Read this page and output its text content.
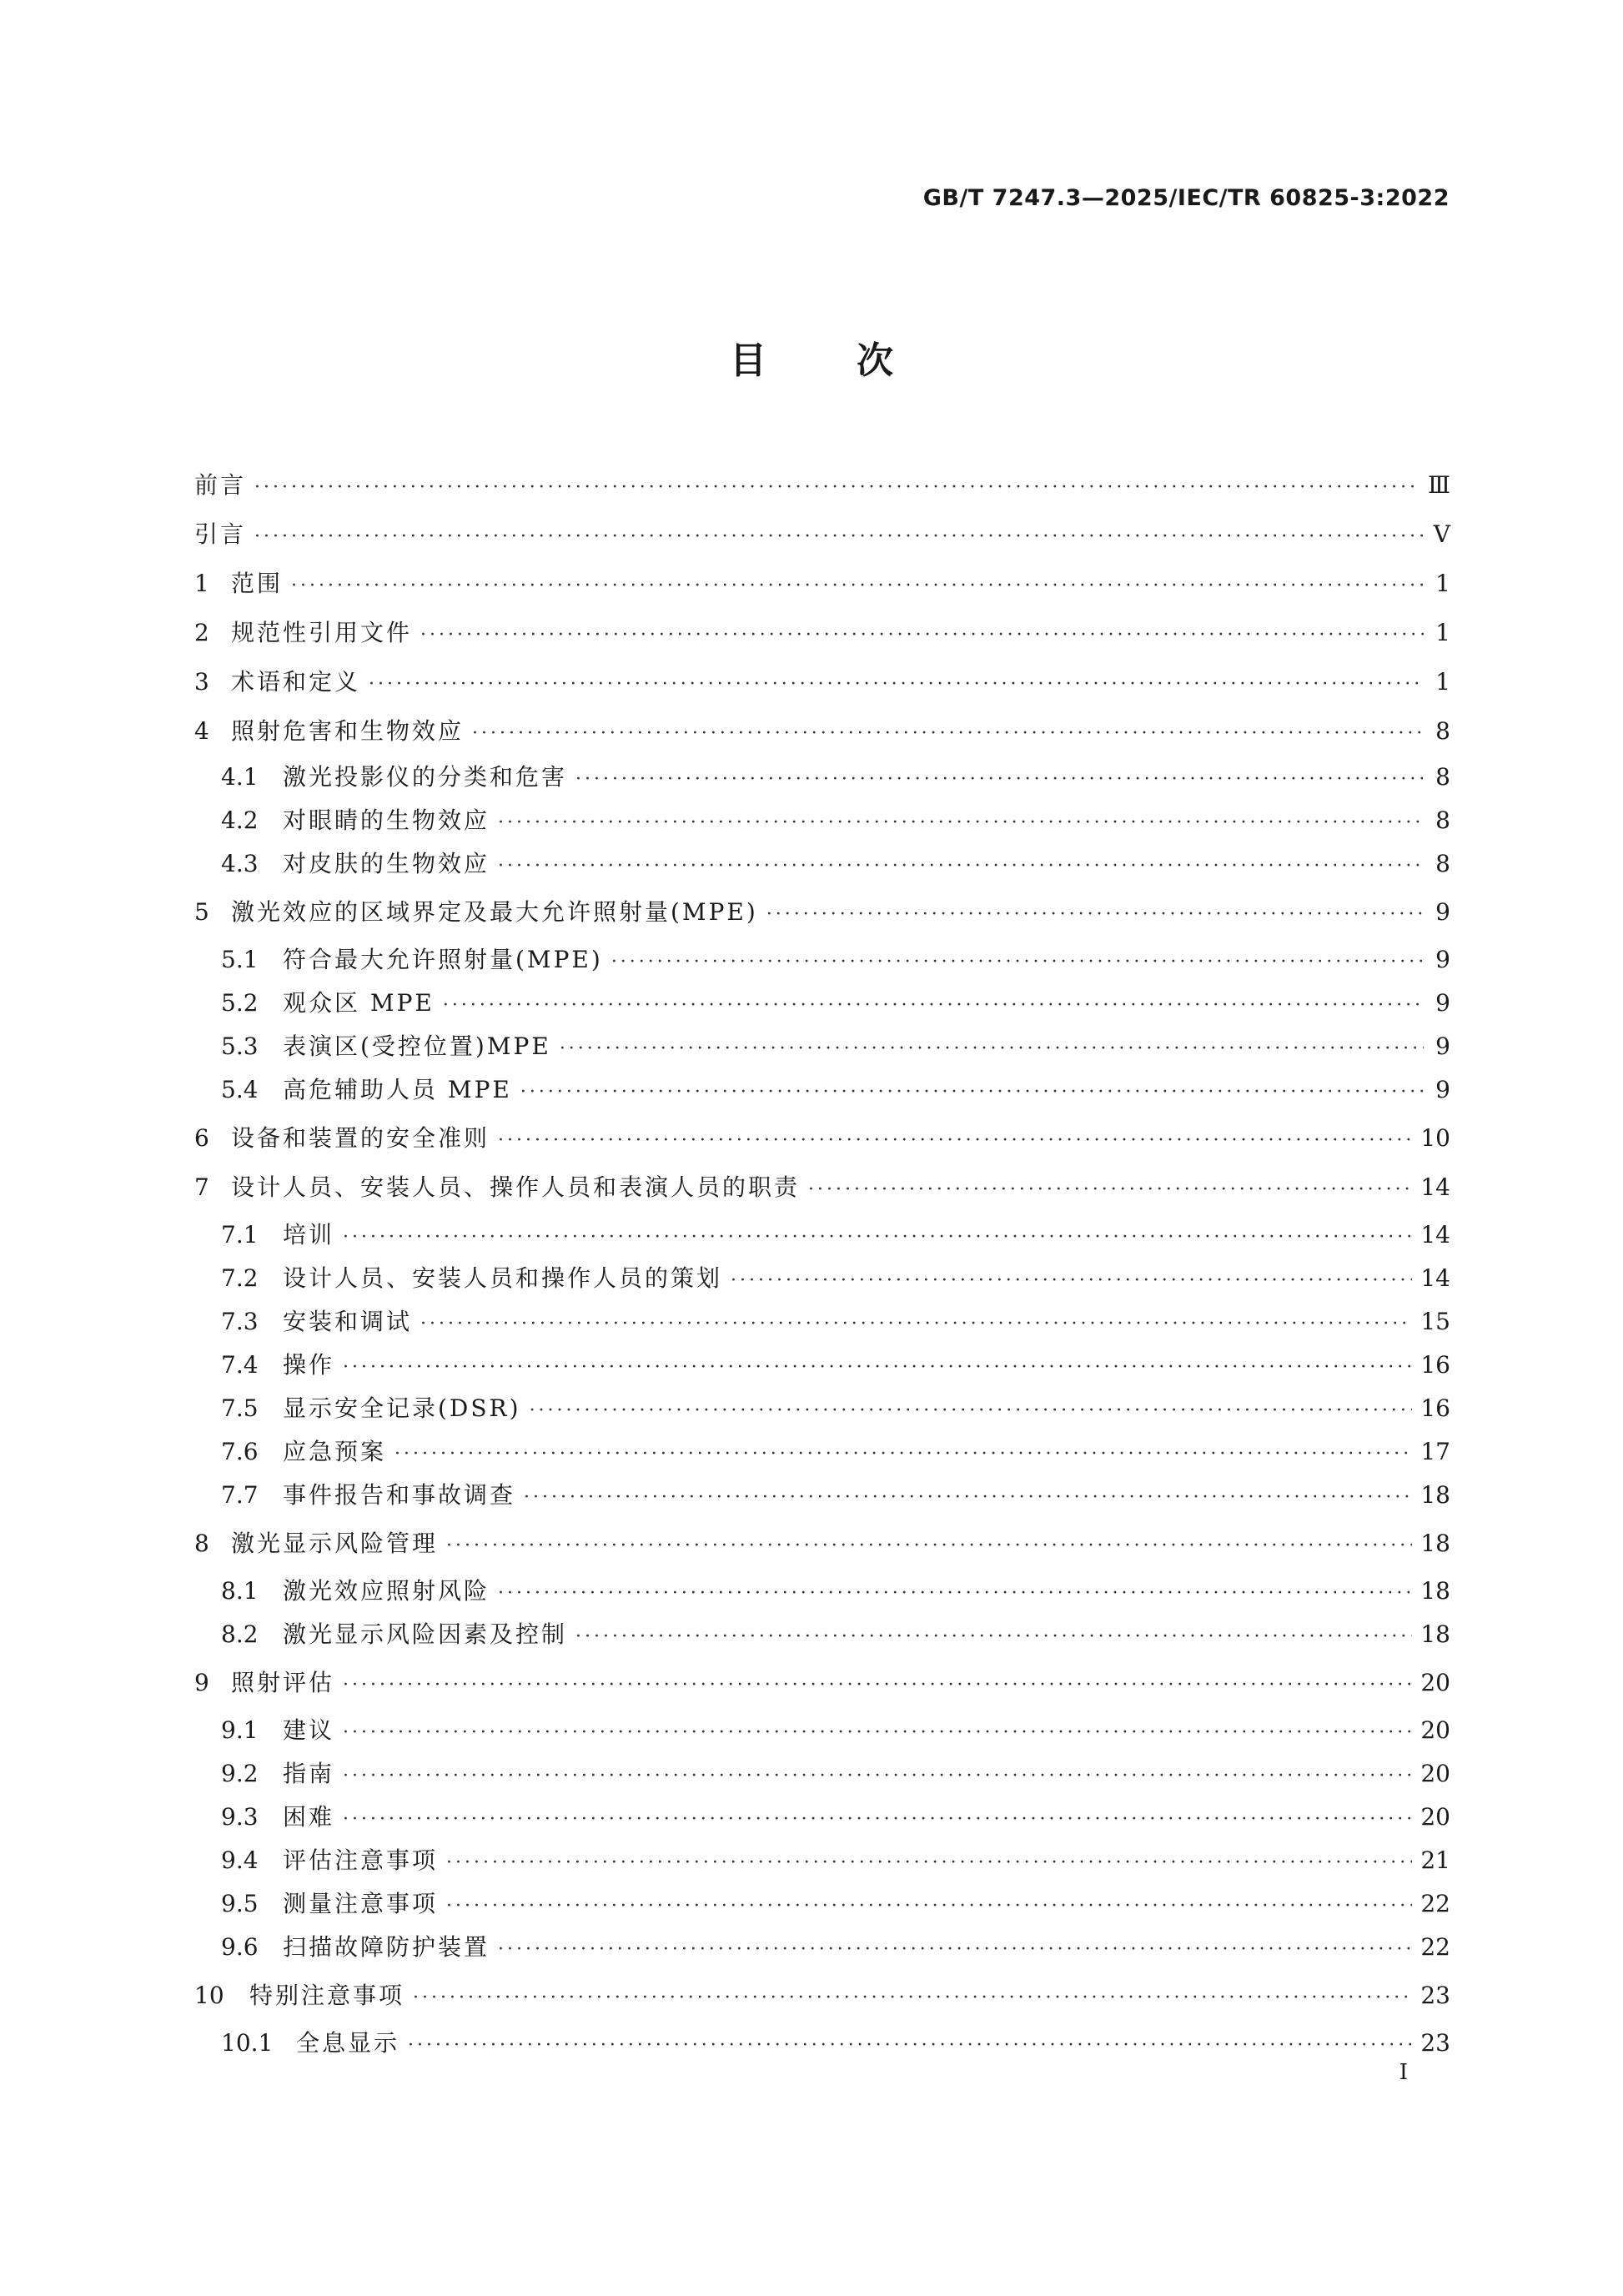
GB/T 7247.3—2025/IEC/TR 60825-3:2022
目次
前言 ·····	Ⅲ
引言 ·····	Ⅴ
1 范围 ·····	1
2 规范性引用文件 ·····	1
3 术语和定义 ·····	1
4 照射危害和生物效应 ·····	8
4.1 激光投影仪的分类和危害 ·····	8
4.2 对眼睛的生物效应 ·····	8
4.3 对皮肤的生物效应 ·····	8
5 激光效应的区域界定及最大允许照射量(MPE) ·····	9
5.1 符合最大允许照射量(MPE) ·····	9
5.2 观众区 MPE ·····	9
5.3 表演区(受控位置)MPE ·····	9
5.4 高危辅助人员 MPE ·····	9
6 设备和装置的安全准则 ·····	10
7 设计人员、安装人员、操作人员和表演人员的职责 ·····	14
7.1 培训 ·····	14
7.2 设计人员、安装人员和操作人员的策划 ·····	14
7.3 安装和调试 ·····	15
7.4 操作 ·····	16
7.5 显示安全记录(DSR) ·····	16
7.6 应急预案 ·····	17
7.7 事件报告和事故调查 ·····	18
8 激光显示风险管理 ·····	18
8.1 激光效应照射风险 ·····	18
8.2 激光显示风险因素及控制 ·····	18
9 照射评估 ·····	20
9.1 建议 ·····	20
9.2 指南 ·····	20
9.3 困难 ·····	20
9.4 评估注意事项 ·····	21
9.5 测量注意事项 ·····	22
9.6 扫描故障防护装置 ·····	22
10 特别注意事项 ·····	23
10.1 全息显示 ·····	23
Ⅰ
